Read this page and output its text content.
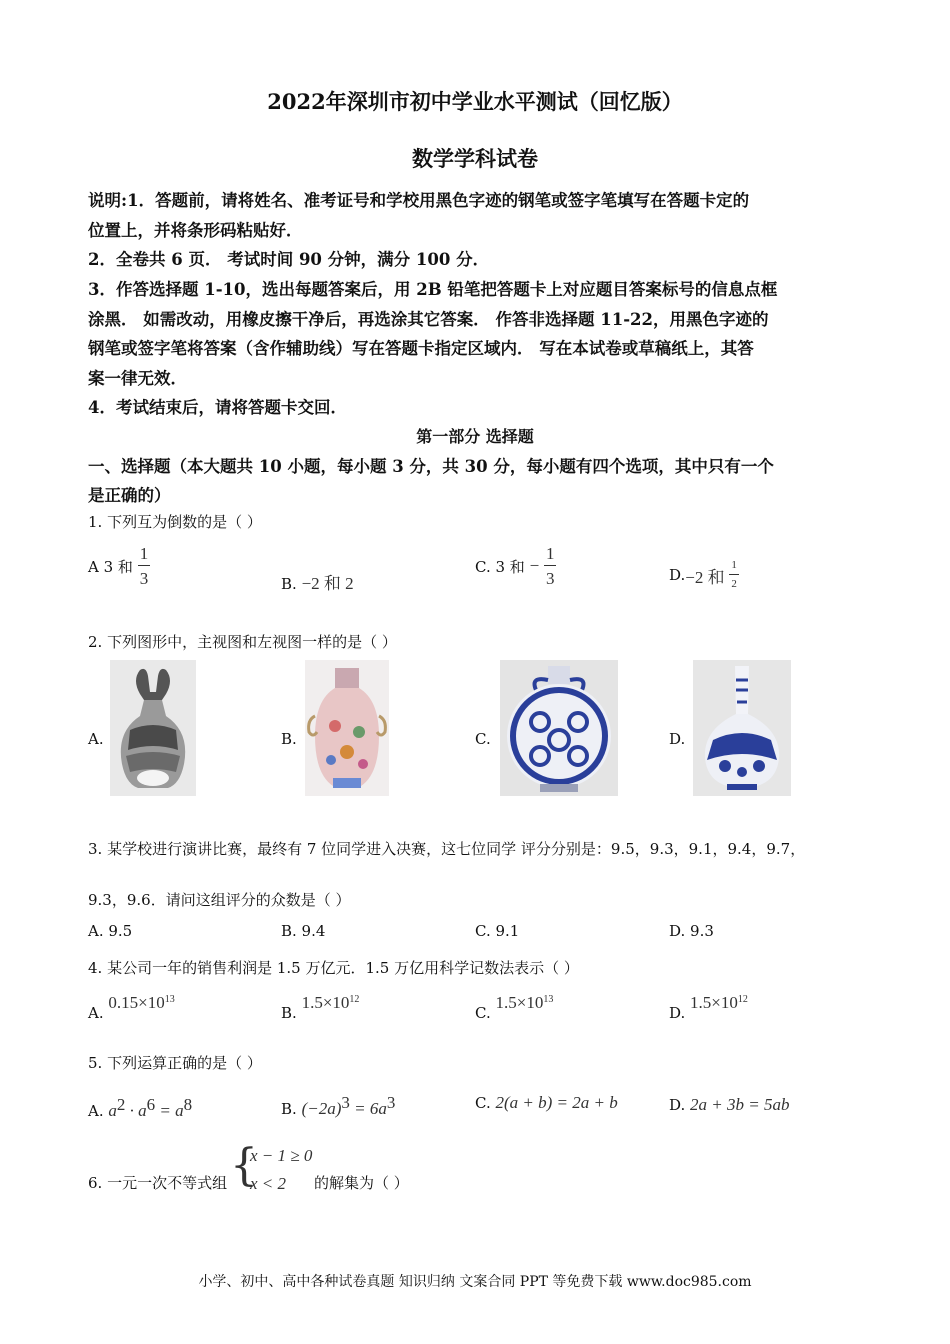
2022年深圳市初中学业水平测试（回忆版）
数学学科试卷
说明:1．答题前，请将姓名、准考证号和学校用黑色字迹的钢笔或签字笔填写在答题卡定的
位置上，并将条形码粘贴好．
2．全卷共 6 页． 考试时间 90 分钟，满分 100 分．
3．作答选择题 1-10，选出每题答案后，用 2B 铅笔把答题卡上对应题目答案标号的信息点框
涂黑． 如需改动，用橡皮擦干净后，再选涂其它答案． 作答非选择题 11-22，用黑色字迹的
钢笔或签字笔将答案（含作辅助线）写在答题卡指定区域内． 写在本试卷或草稿纸上，其答
案一律无效．
4．考试结束后，请将答题卡交回．
第一部分 选择题
一、选择题（本大题共 10 小题，每小题 3 分，共 30 分，每小题有四个选项，其中只有一个
是正确的）
1. 下列互为倒数的是（ ）
A 3 和 $\frac{1}{3}$	B. −2 和 2
C. 3 和 − $\frac{1}{3}$	D.−2 和 $\frac{1}{2}$
2. 下列图形中，主视图和左视图一样的是（ ）
A.	B.	C.	D.
3. 某学校进行演讲比赛，最终有 7 位同学进入决赛，这七位同学 评分分别是：9.5，9.3，9.1，9.4，9.7，
9.3，9.6．请问这组评分的众数是（ ）
A. 9.5	B. 9.4	C. 9.1	D. 9.3
4. 某公司一年的销售利润是 1.5 万亿元．1.5 万亿用科学记数法表示（ ）
A. $0.15\times 10^{13}$
B. $1.5\times 10^{12}$
C. $1.5\times 10^{13}$
D. $1.5\times 10^{12}$
5. 下列运算正确的是（ ）
A. $a^2 \cdot a^6 = a^8$	B. $(-2a)^3 = 6a^3$	C. 2(a + b) = 2a + b	D. 2a + 3b = 5ab
6. 一元一次不等式组 {
x − 1 ≥ 0
x < 2 的解集为（ ）
小学、初中、高中各种试卷真题 知识归纳 文案合同 PPT 等免费下载 www.doc985.com
